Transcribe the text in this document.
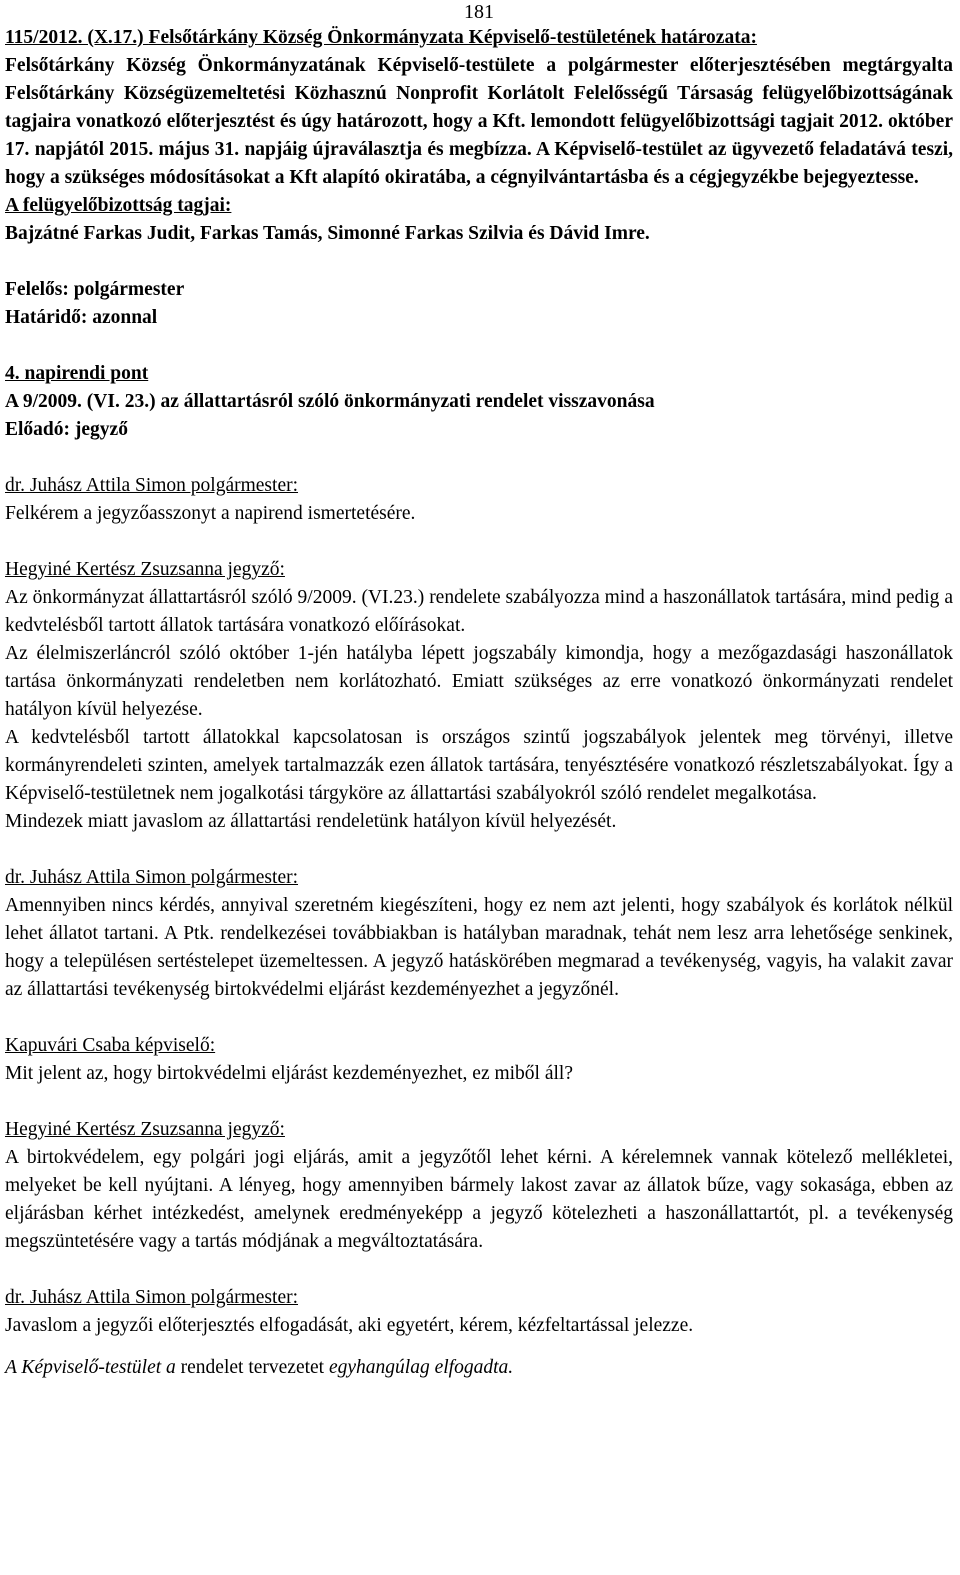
181

115/2012. (X.17.) Felsőtárkány Község Önkormányzata Képviselő-testületének határozata:

Felsőtárkány Község Önkormányzatának Képviselő-testülete a polgármester előterjesztésében megtárgyalta Felsőtárkány Községüzemeltetési Közhasznú Nonprofit Korlátolt Felelősségű Társaság felügyelőbizottságának tagjaira vonatkozó előterjesztést és úgy határozott, hogy a Kft. lemondott felügyelőbizottsági tagjait 2012. október 17. napjától 2015. május 31. napjáig újraválasztja és megbízza. A Képviselő-testület az ügyvezető feladatává teszi, hogy a szükséges módosításokat a Kft alapító okiratába, a cégnyilvántartásba és a cégjegyzékbe bejegyeztesse.

A felügyelőbizottság tagjai:

Bajzátné Farkas Judit, Farkas Tamás, Simonné Farkas Szilvia és Dávid Imre.

Felelős: polgármester

Határidő: azonnal

4. napirendi pont

A 9/2009. (VI. 23.) az állattartásról szóló önkormányzati rendelet visszavonása

Előadó: jegyző

dr. Juhász Attila Simon polgármester:

Felkérem a jegyzőasszonyt a napirend ismertetésére.

Hegyiné Kertész Zsuzsanna jegyző:

Az önkormányzat állattartásról szóló 9/2009. (VI.23.) rendelete szabályozza mind a haszonállatok tartására, mind pedig a kedvtelésből tartott állatok tartására vonatkozó előírásokat.

Az élelmiszerláncról szóló október 1-jén hatályba lépett jogszabály kimondja, hogy a mezőgazdasági haszonállatok tartása önkormányzati rendeletben nem korlátozható. Emiatt szükséges az erre vonatkozó önkormányzati rendelet hatályon kívül helyezése.

A kedvtelésből tartott állatokkal kapcsolatosan is országos szintű jogszabályok jelentek meg törvényi, illetve kormányrendeleti szinten, amelyek tartalmazzák ezen állatok tartására, tenyésztésére vonatkozó részletszabályokat. Így a Képviselő-testületnek nem jogalkotási tárgyköre az állattartási szabályokról szóló rendelet megalkotása.

Mindezek miatt javaslom az állattartási rendeletünk hatályon kívül helyezését.

dr. Juhász Attila Simon polgármester:

Amennyiben nincs kérdés, annyival szeretném kiegészíteni, hogy ez nem azt jelenti, hogy szabályok és korlátok nélkül lehet állatot tartani. A Ptk. rendelkezései továbbiakban is hatályban maradnak, tehát nem lesz arra lehetősége senkinek, hogy a településen sertéstelepet üzemeltessen. A jegyző hatáskörében megmarad a tevékenység, vagyis, ha valakit zavar az állattartási tevékenység birtokvédelmi eljárást kezdeményezhet a jegyzőnél.

Kapuvári Csaba képviselő:

Mit jelent az, hogy birtokvédelmi eljárást kezdeményezhet, ez miből áll?

Hegyiné Kertész Zsuzsanna jegyző:

A birtokvédelem, egy polgári jogi eljárás, amit a jegyzőtől lehet kérni. A kérelemnek vannak kötelező mellékletei, melyeket be kell nyújtani. A lényeg, hogy amennyiben bármely lakost zavar az állatok bűze, vagy sokasága, ebben az eljárásban kérhet intézkedést, amelynek eredményeképp a jegyző kötelezheti a haszonállattartót, pl. a tevékenység megszüntetésére vagy a tartás módjának a megváltoztatására.

dr. Juhász Attila Simon polgármester:

Javaslom a jegyzői előterjesztés elfogadását, aki egyetért, kérem, kézfeltartással jelezze.

A Képviselő-testület a rendelet tervezetet egyhangúlag elfogadta.
